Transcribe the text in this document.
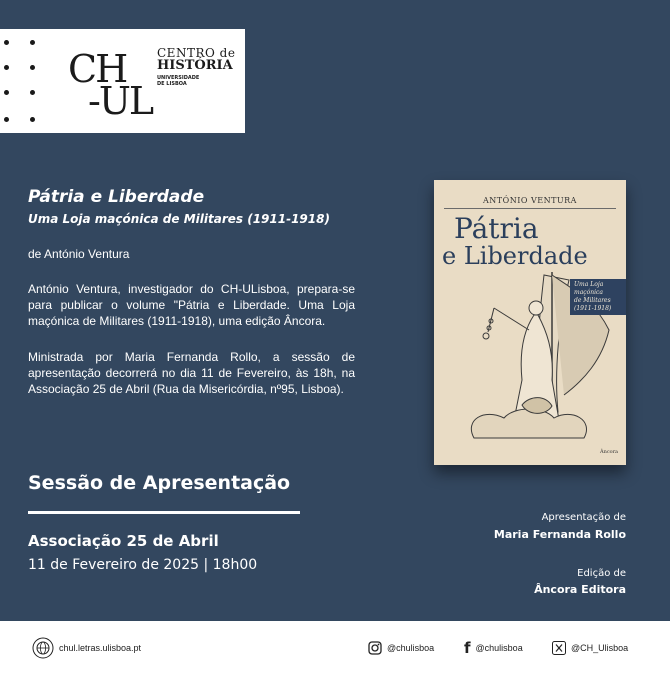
CH
-UL
CENTRO de
HISTÓRIA
UNIVERSIDADE
DE LISBOA
Pátria e Liberdade
Uma Loja maçónica de Militares (1911-1918)
de António Ventura
António Ventura, investigador do CH-ULisboa, prepara-se para publicar o volume "Pátria e Liberdade. Uma Loja maçónica de Militares (1911-1918), uma edição Âncora.
Ministrada por Maria Fernanda Rollo, a sessão de apresentação decorrerá no dia 11 de Fevereiro, às 18h, na Associação 25 de Abril (Rua da Misericórdia, nº95, Lisboa).
Sessão de Apresentação
Associação 25 de Abril
11 de Fevereiro de 2025 | 18h00
Apresentação de
Maria Fernanda Rollo
Edição de
Âncora Editora
ANTÓNIO VENTURA
Pátria
e Liberdade
Uma Loja
maçónica
de Militares
(1911-1918)
Âncora
chul.letras.ulisboa.pt	@chulisboa f @chulisboa	@CH_Ulisboa
